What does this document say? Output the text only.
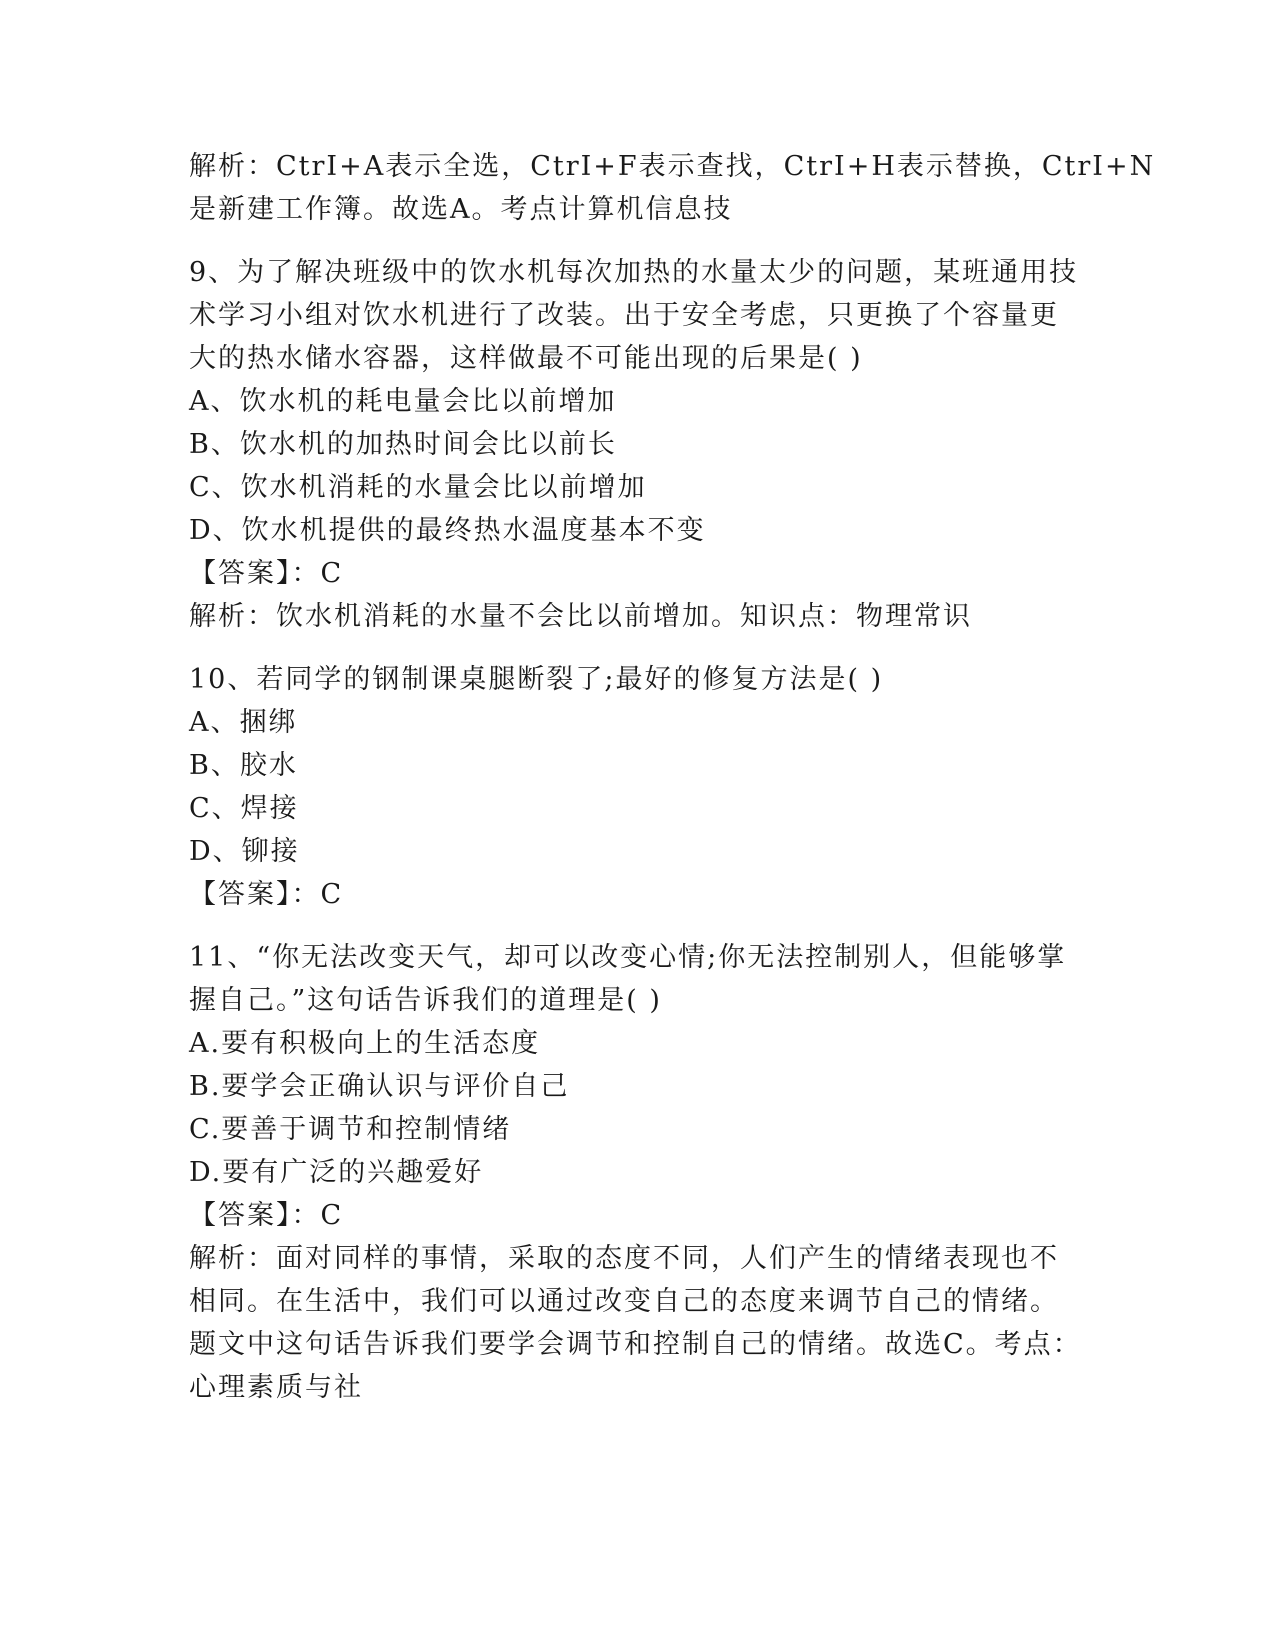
解析：CtrI+A表示全选，CtrI+F表示查找，CtrI+H表示替换，CtrI+N
是新建工作簿。故选A。考点计算机信息技
9、为了解决班级中的饮水机每次加热的水量太少的问题，某班通用技
术学习小组对饮水机进行了改装。出于安全考虑，只更换了个容量更
大的热水储水容器，这样做最不可能出现的后果是( )
A、饮水机的耗电量会比以前增加
B、饮水机的加热时间会比以前长
C、饮水机消耗的水量会比以前增加
D、饮水机提供的最终热水温度基本不变
【答案】：C
解析：饮水机消耗的水量不会比以前增加。知识点：物理常识
10、若同学的钢制课桌腿断裂了;最好的修复方法是( )
A、捆绑
B、胶水
C、焊接
D、铆接
【答案】：C
11、“你无法改变天气，却可以改变心情;你无法控制别人，但能够掌
握自己。”这句话告诉我们的道理是( )
A.要有积极向上的生活态度
B.要学会正确认识与评价自己
C.要善于调节和控制情绪
D.要有广泛的兴趣爱好
【答案】：C
解析：面对同样的事情，采取的态度不同，人们产生的情绪表现也不
相同。在生活中，我们可以通过改变自己的态度来调节自己的情绪。
题文中这句话告诉我们要学会调节和控制自己的情绪。故选C。考点：
心理素质与社
